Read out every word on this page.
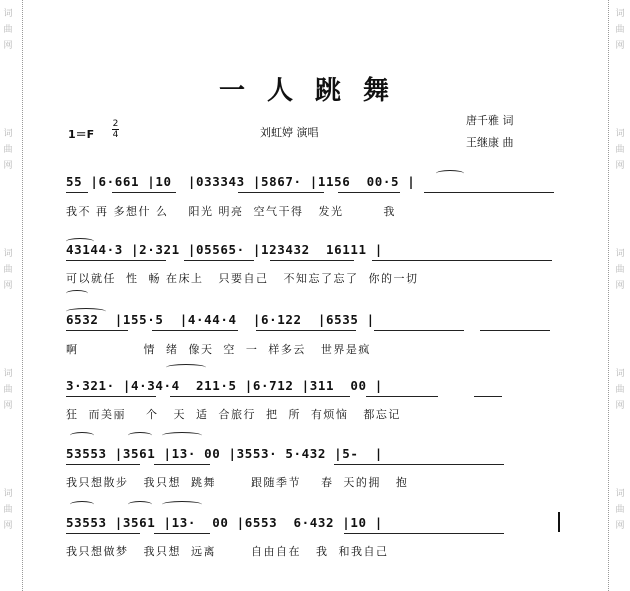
词
曲
网
词
曲
网
词
曲
网
词
曲
网
词
曲
网
词
曲
网
词
曲
网
词
曲
网
词
曲
网
词
曲
网
一人跳舞
1＝F
2
4	刘虹婷 演唱
唐千雅 词
王继康 曲
55 |6·661 |10  |033343 |5867· |1156  00·5 |
我不 再 多想什 么    阳光 明亮  空气干得   发光        我
43144·3 |2·321 |05565· |123432  16111 |
可以就任  性  畅 在床上   只要自己   不知忘了忘了  你的一切
6532  |155·5  |4·44·4  |6·122  |6535 |
啊             情  绪  像天  空  一  样多云   世界是疯
3·321· |4·34·4  211·5 |6·712 |311  00 |
狂  而美丽    个   天  适  合旅行  把  所  有烦恼   都忘记
53553 |3561 |13· 00 |3553· 5·432 |5-  |
我只想散步   我只想  跳舞       跟随季节    春  天的拥   抱
53553 |3561 |13·  00 |6553  6·432 |10 |
我只想做梦   我只想  远离       自由自在   我  和我自己
